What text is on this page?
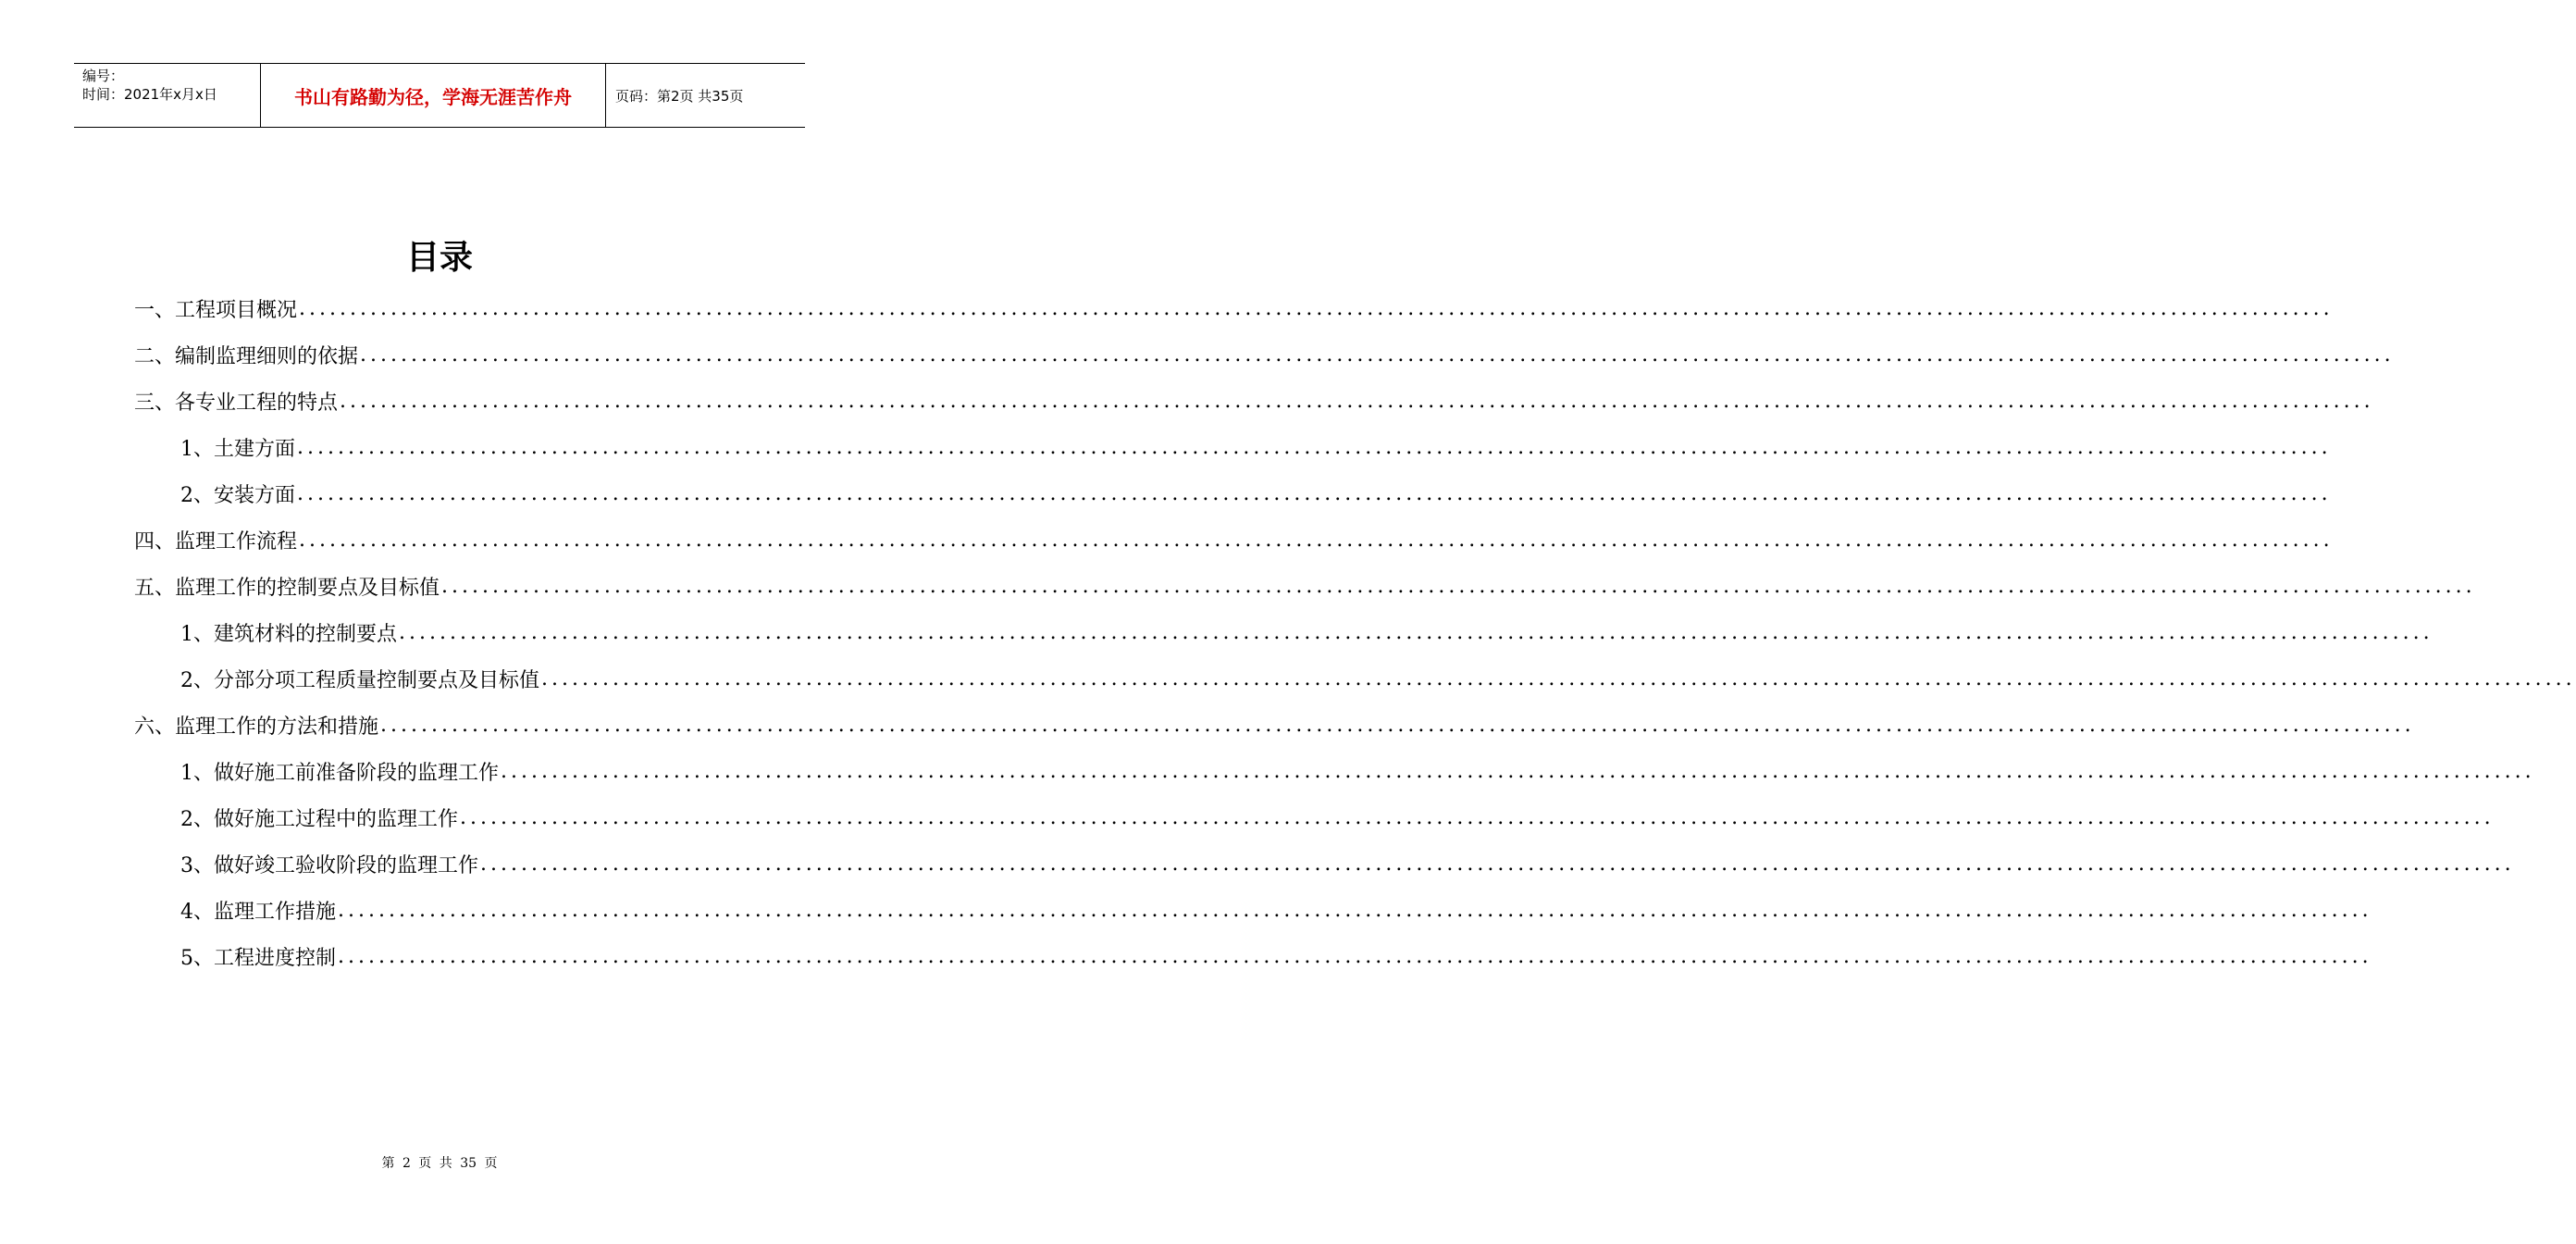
编号：
时间：2021年x月x日	书山有路勤为径，学海无涯苦作舟	页码：第2页 共35页
目录
一、工程项目概况 ........................................................................................................................................................................................................
二、编制监理细则的依据 ........................................................................................................................................................................................................
三、各专业工程的特点 ........................................................................................................................................................................................................
1、土建方面 ........................................................................................................................................................................................................
2、安装方面 ........................................................................................................................................................................................................
四、监理工作流程 ........................................................................................................................................................................................................
五、监理工作的控制要点及目标值 ........................................................................................................................................................................................................
1、建筑材料的控制要点 ........................................................................................................................................................................................................
2、分部分项工程质量控制要点及目标值 ........................................................................................................................................................................................................
六、监理工作的方法和措施 ........................................................................................................................................................................................................
1、做好施工前准备阶段的监理工作 ........................................................................................................................................................................................................
2、做好施工过程中的监理工作 ........................................................................................................................................................................................................
3、做好竣工验收阶段的监理工作 ........................................................................................................................................................................................................
4、监理工作措施 ........................................................................................................................................................................................................
5、工程进度控制 ........................................................................................................................................................................................................
第 2 页 共 35 页
